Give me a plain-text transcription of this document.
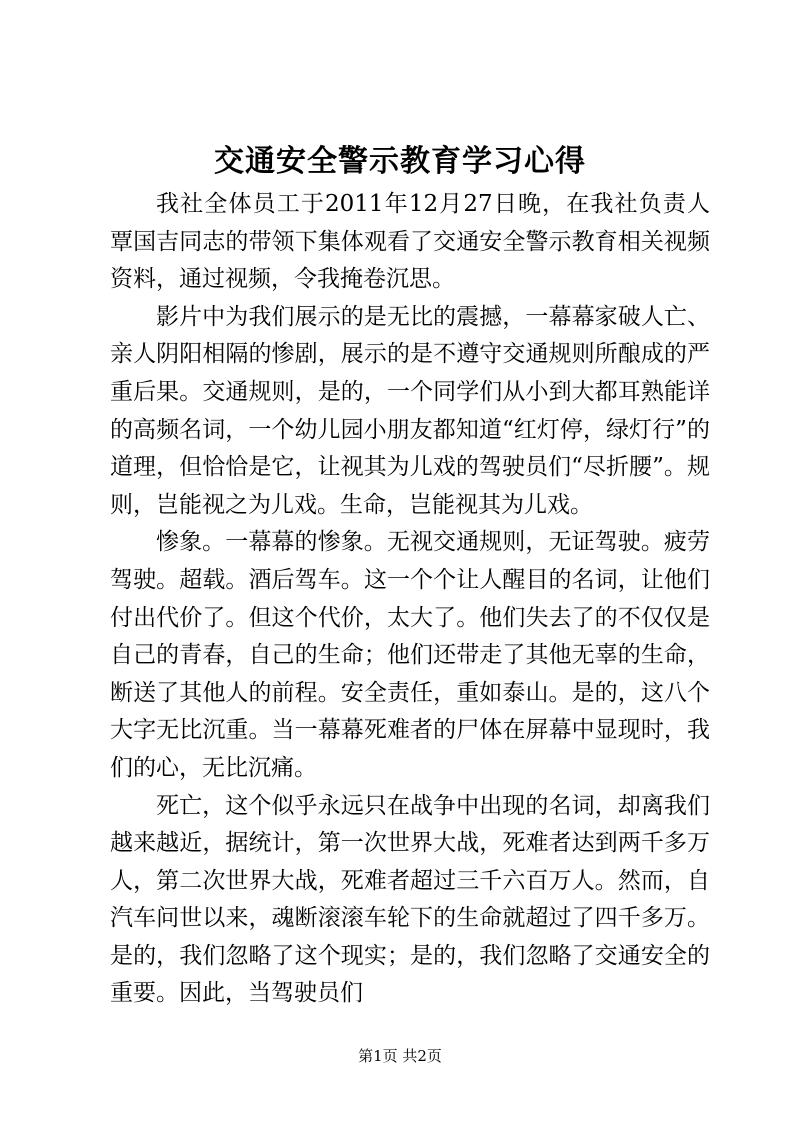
交通安全警示教育学习心得

我社全体员工于2011年12月27日晚，在我社负责人覃国吉同志的带领下集体观看了交通安全警示教育相关视频资料，通过视频，令我掩卷沉思。

影片中为我们展示的是无比的震撼，一幕幕家破人亡、亲人阴阳相隔的惨剧，展示的是不遵守交通规则所酿成的严重后果。交通规则，是的，一个同学们从小到大都耳熟能详的高频名词，一个幼儿园小朋友都知道“红灯停，绿灯行”的道理，但恰恰是它，让视其为儿戏的驾驶员们“尽折腰”。规则，岂能视之为儿戏。生命，岂能视其为儿戏。

惨象。一幕幕的惨象。无视交通规则，无证驾驶。疲劳驾驶。超载。酒后驾车。这一个个让人醒目的名词，让他们付出代价了。但这个代价，太大了。他们失去了的不仅仅是自己的青春，自己的生命；他们还带走了其他无辜的生命，断送了其他人的前程。安全责任，重如泰山。是的，这八个大字无比沉重。当一幕幕死难者的尸体在屏幕中显现时，我们的心，无比沉痛。

死亡，这个似乎永远只在战争中出现的名词，却离我们越来越近，据统计，第一次世界大战，死难者达到两千多万人，第二次世界大战，死难者超过三千六百万人。然而，自汽车问世以来，魂断滚滚车轮下的生命就超过了四千多万。是的，我们忽略了这个现实；是的，我们忽略了交通安全的重要。因此，当驾驶员们

第1页 共2页
